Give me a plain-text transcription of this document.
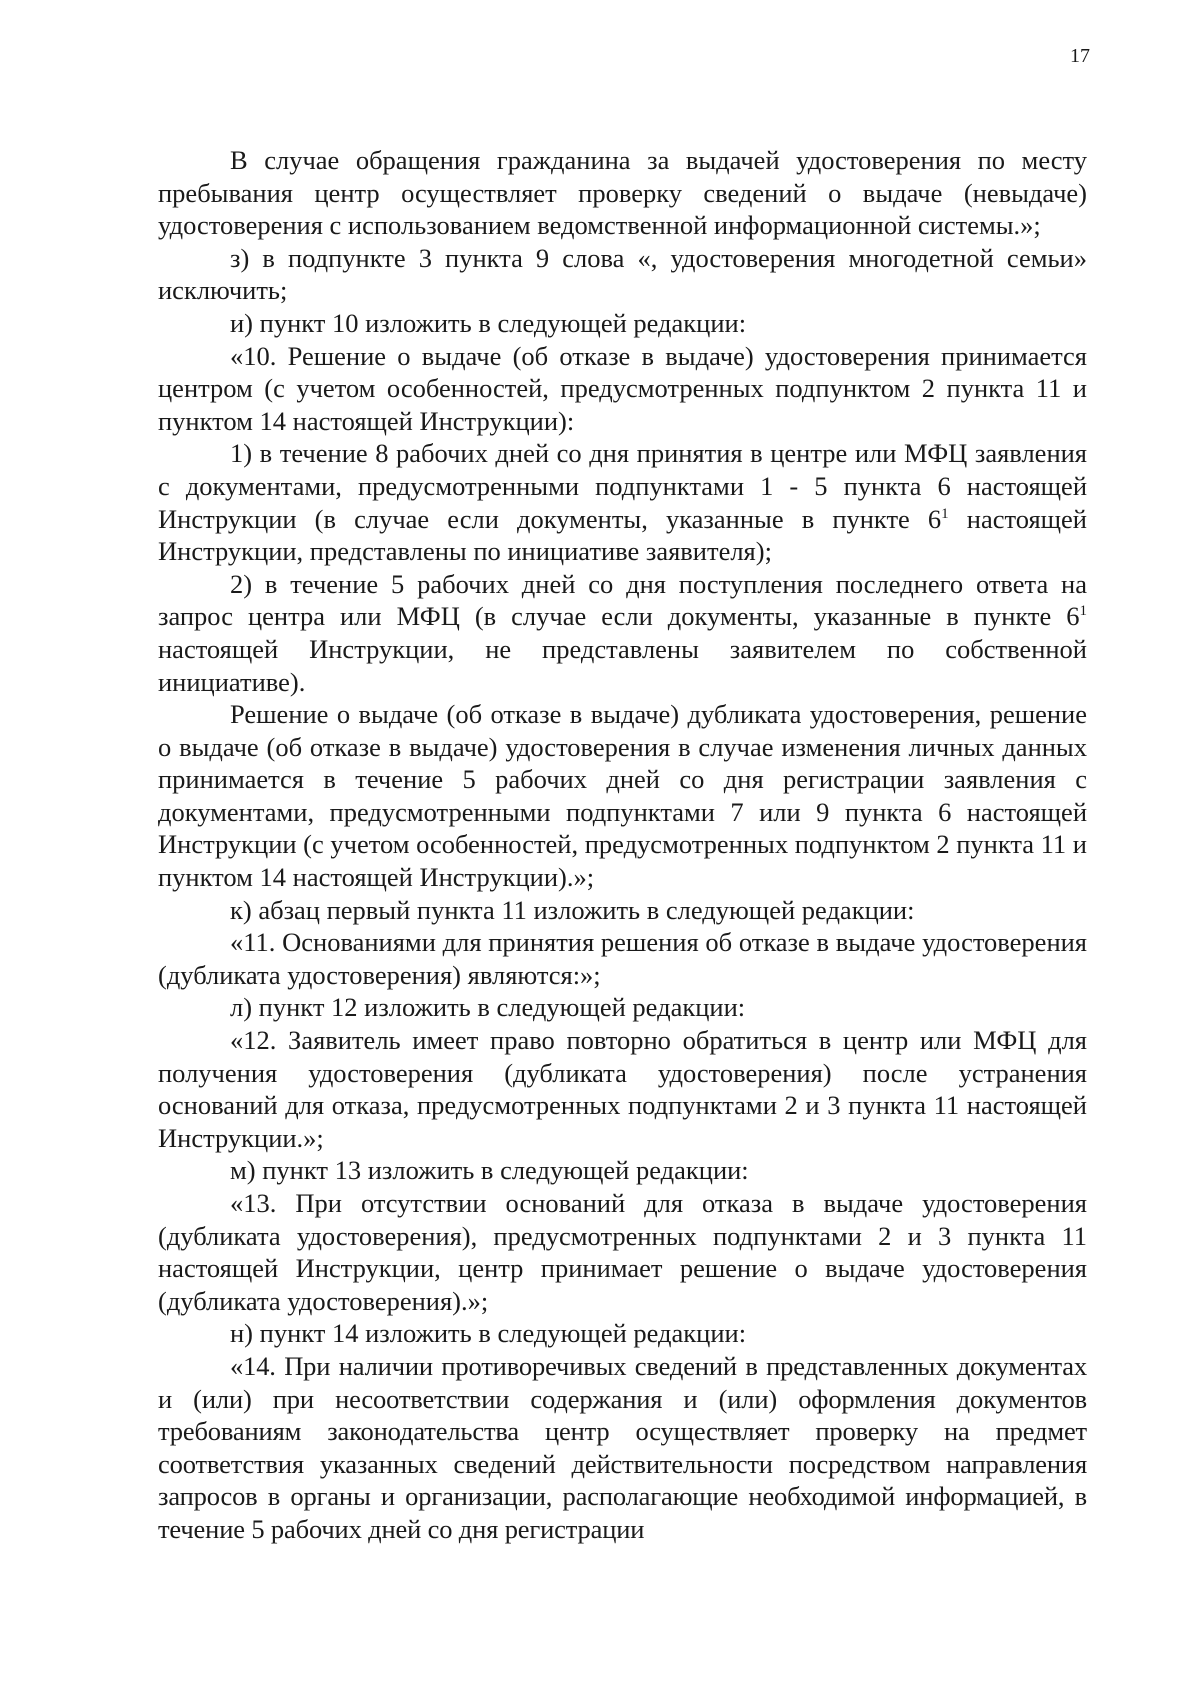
17

В случае обращения гражданина за выдачей удостоверения по месту пребывания центр осуществляет проверку сведений о выдаче (невыдаче) удостоверения с использованием ведомственной информационной системы.»;

з) в подпункте 3 пункта 9 слова «, удостоверения многодетной семьи» исключить;

и) пункт 10 изложить в следующей редакции:

«10. Решение о выдаче (об отказе в выдаче) удостоверения принимается центром (с учетом особенностей, предусмотренных подпунктом 2 пункта 11 и пунктом 14 настоящей Инструкции):

1) в течение 8 рабочих дней со дня принятия в центре или МФЦ заявления с документами, предусмотренными подпунктами 1 - 5 пункта 6 настоящей Инструкции (в случае если документы, указанные в пункте $6^1$ настоящей Инструкции, представлены по инициативе заявителя);

2) в течение 5 рабочих дней со дня поступления последнего ответа на запрос центра или МФЦ (в случае если документы, указанные в пункте $6^1$ настоящей Инструкции, не представлены заявителем по собственной инициативе).

Решение о выдаче (об отказе в выдаче) дубликата удостоверения, решение о выдаче (об отказе в выдаче) удостоверения в случае изменения личных данных принимается в течение 5 рабочих дней со дня регистрации заявления с документами, предусмотренными подпунктами 7 или 9 пункта 6 настоящей Инструкции (с учетом особенностей, предусмотренных подпунктом 2 пункта 11 и пунктом 14 настоящей Инструкции).»;

к) абзац первый пункта 11 изложить в следующей редакции:

«11. Основаниями для принятия решения об отказе в выдаче удостоверения (дубликата удостоверения) являются:»;

л) пункт 12 изложить в следующей редакции:

«12. Заявитель имеет право повторно обратиться в центр или МФЦ для получения удостоверения (дубликата удостоверения) после устранения оснований для отказа, предусмотренных подпунктами 2 и 3 пункта 11 настоящей Инструкции.»;

м) пункт 13 изложить в следующей редакции:

«13. При отсутствии оснований для отказа в выдаче удостоверения (дубликата удостоверения), предусмотренных подпунктами 2 и 3 пункта 11 настоящей Инструкции, центр принимает решение о выдаче удостоверения (дубликата удостоверения).»;

н) пункт 14 изложить в следующей редакции:

«14. При наличии противоречивых сведений в представленных документах и (или) при несоответствии содержания и (или) оформления документов требованиям законодательства центр осуществляет проверку на предмет соответствия указанных сведений действительности посредством направления запросов в органы и организации, располагающие необходимой информацией, в течение 5 рабочих дней со дня регистрации
